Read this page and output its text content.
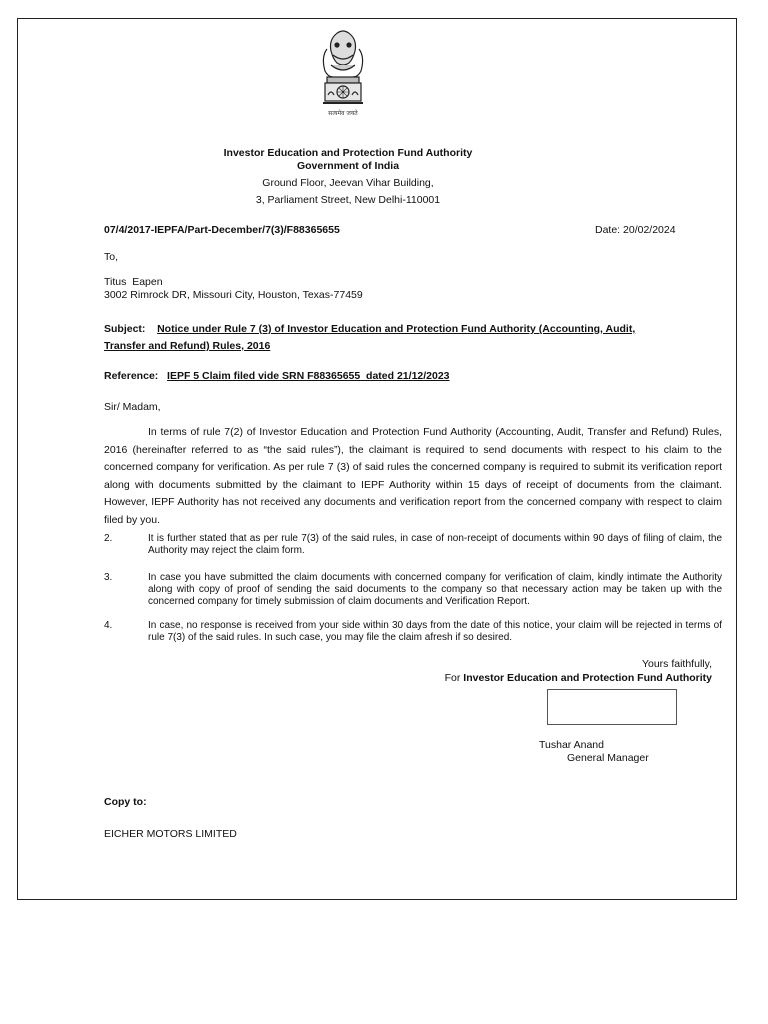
सत्यमेव जयते
Investor Education and Protection Fund Authority
Government of India
Ground Floor, Jeevan Vihar Building,
3, Parliament Street, New Delhi-110001
07/4/2017-IEPFA/Part-December/7(3)/F88365655	Date: 20/02/2024
To,
Titus  Eapen
3002 Rimrock DR, Missouri City, Houston, Texas-77459
Subject: Notice under Rule 7 (3) of Investor Education and Protection Fund Authority (Accounting, Audit,
Transfer and Refund) Rules, 2016
Reference: IEPF 5 Claim filed vide SRN F88365655  dated 21/12/2023
Sir/ Madam,
In terms of rule 7(2) of Investor Education and Protection Fund Authority (Accounting, Audit, Transfer and Refund) Rules, 2016 (hereinafter referred to as “the said rules”), the claimant is required to send documents with respect to his claim to the concerned company for verification. As per rule 7 (3) of said rules the concerned company is required to submit its verification report along with documents submitted by the claimant to IEPF Authority within 15 days of receipt of documents from the claimant. However, IEPF Authority has not received any documents and verification report from the concerned company with respect to claim filed by you.
2.	It is further stated that as per rule 7(3) of the said rules, in case of non-receipt of documents within 90 days of filing of claim, the Authority may reject the claim form.
3.	In case you have submitted the claim documents with concerned company for verification of claim, kindly intimate the Authority along with copy of proof of sending the said documents to the company so that necessary action may be taken up with the concerned company for timely submission of claim documents and Verification Report.
4.	In case, no response is received from your side within 30 days from the date of this notice, your claim will be rejected in terms of rule 7(3) of the said rules. In such case, you may file the claim afresh if so desired.
Yours faithfully,
For Investor Education and Protection Fund Authority
Tushar Anand
General Manager
Copy to:
EICHER MOTORS LIMITED
